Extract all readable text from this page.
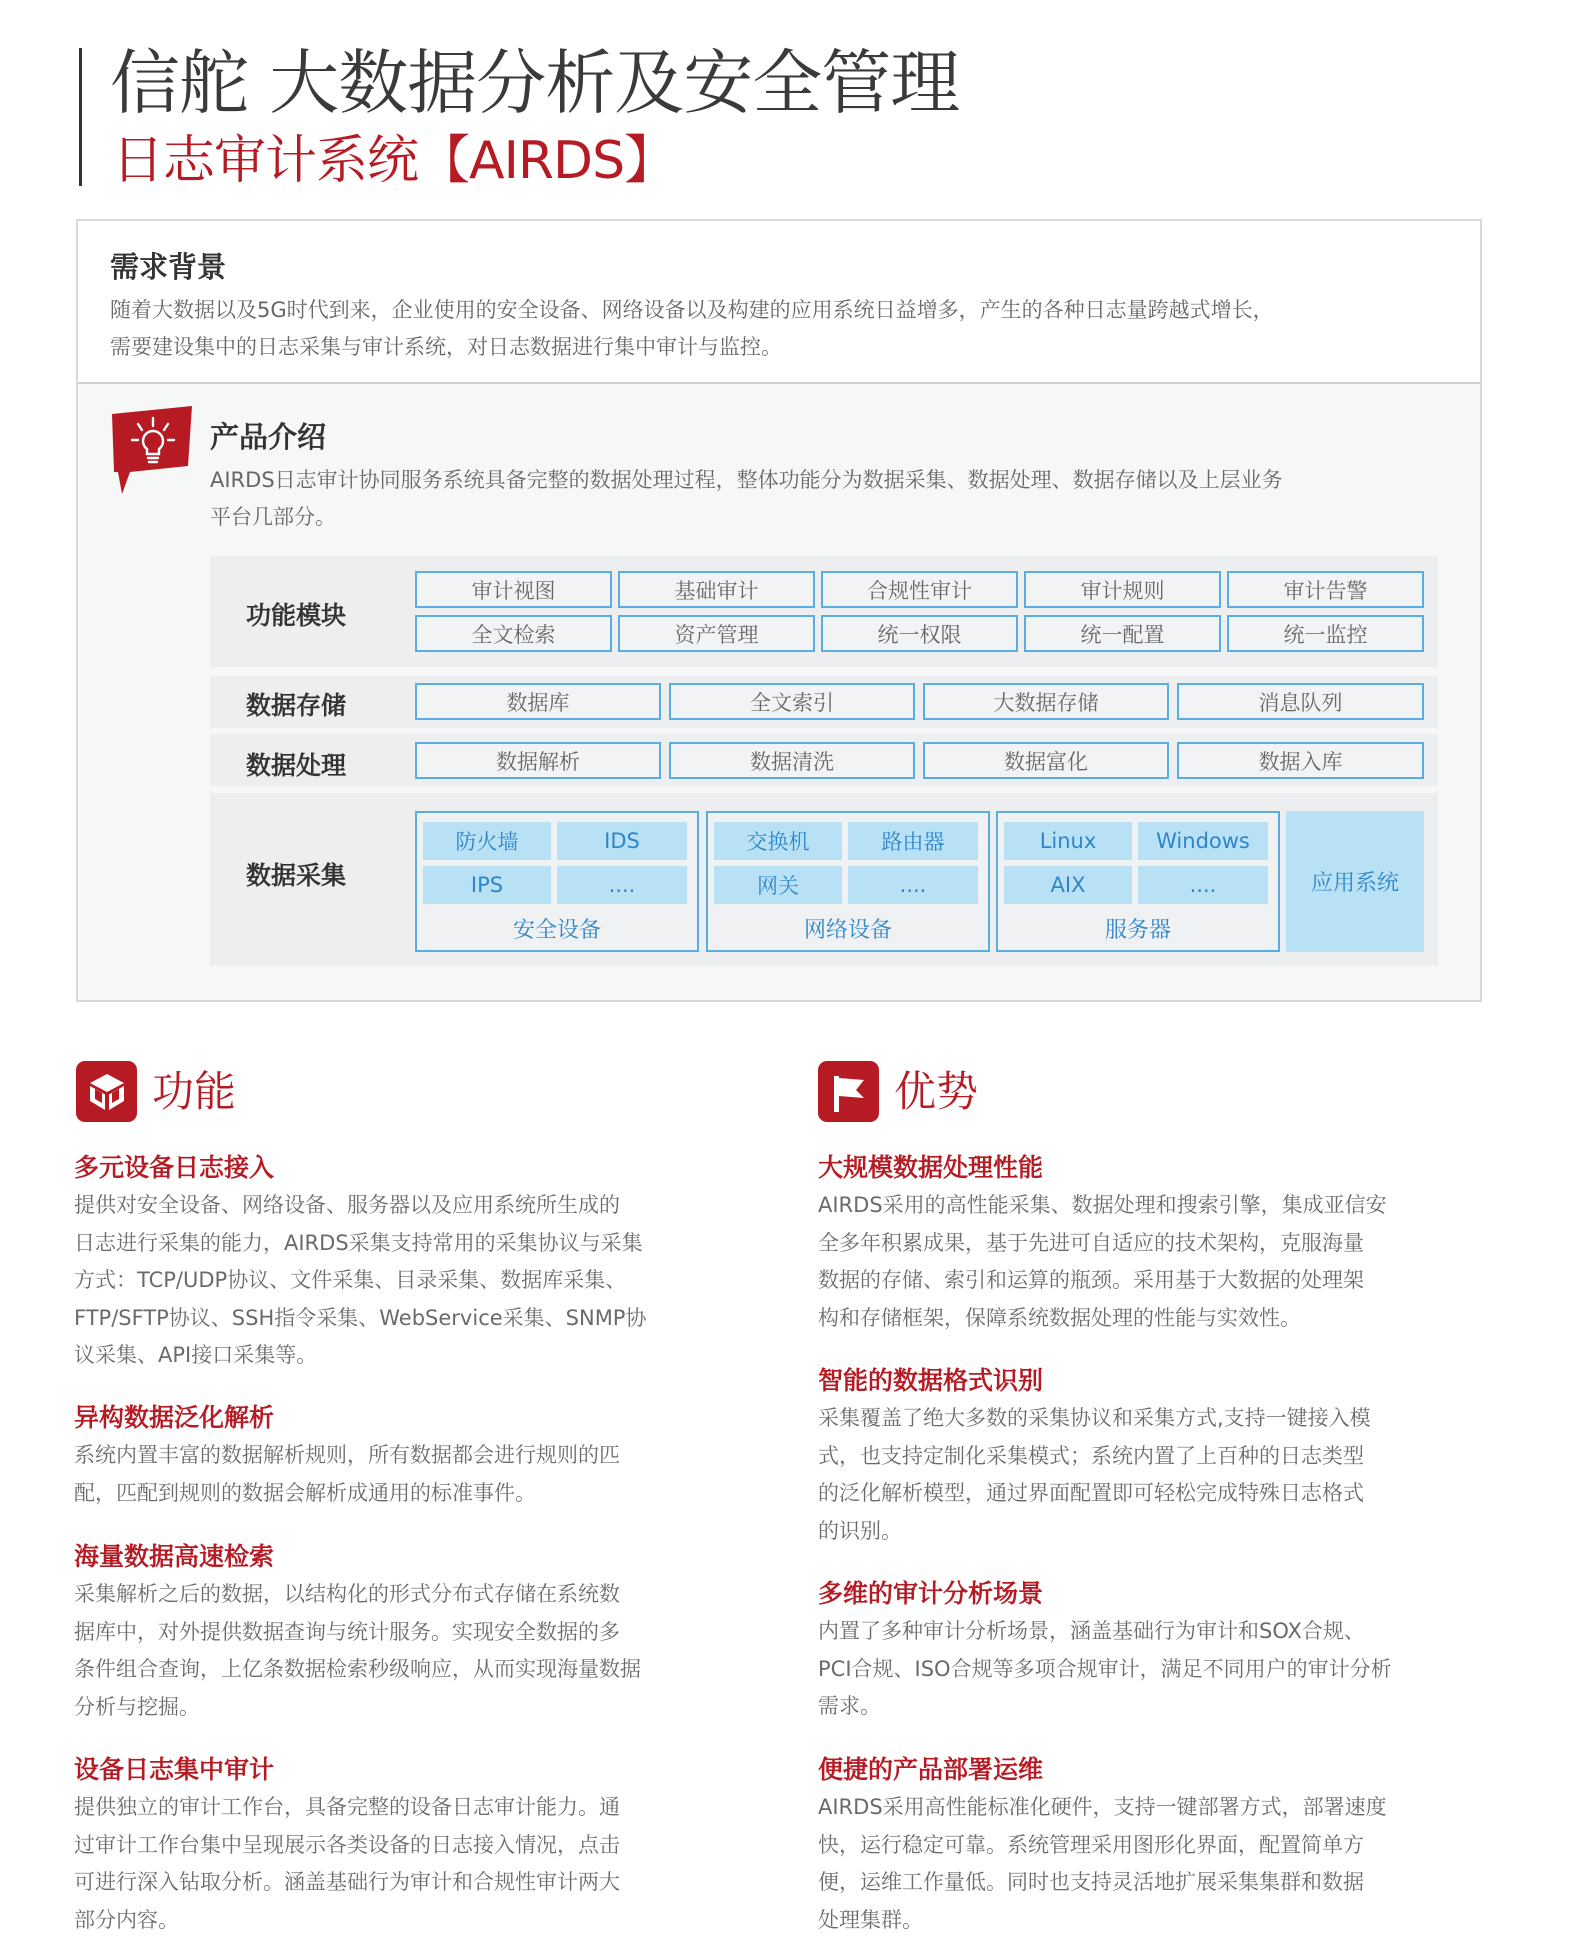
信舵 大数据分析及安全管理
日志审计系统【AIRDS】
需求背景
随着大数据以及5G时代到来，企业使用的安全设备、网络设备以及构建的应用系统日益增多，产生的各种日志量跨越式增长，
需要建设集中的日志采集与审计系统，对日志数据进行集中审计与监控。
产品介绍
AIRDS日志审计协同服务系统具备完整的数据处理过程，整体功能分为数据采集、数据处理、数据存储以及上层业务
平台几部分。
功能模块
审计视图	基础审计	合规性审计	审计规则	审计告警
全文检索	资产管理	统一权限	统一配置	统一监控
数据存储	数据库	全文索引	大数据存储	消息队列
数据处理	数据解析	数据清洗	数据富化	数据入库
数据采集
防火墙	IDS
IPS	....
安全设备
交换机	路由器
网关	....
网络设备
Linux	Windows
AIX	....
服务器
应用系统
功能
多元设备日志接入
提供对安全设备、网络设备、服务器以及应用系统所生成的
日志进行采集的能力，AIRDS采集支持常用的采集协议与采集
方式：TCP/UDP协议、文件采集、目录采集、数据库采集、
FTP/SFTP协议、SSH指令采集、WebService采集、SNMP协
议采集、API接口采集等。
异构数据泛化解析
系统内置丰富的数据解析规则，所有数据都会进行规则的匹
配，匹配到规则的数据会解析成通用的标准事件。
海量数据高速检索
采集解析之后的数据，以结构化的形式分布式存储在系统数
据库中，对外提供数据查询与统计服务。实现安全数据的多
条件组合查询，上亿条数据检索秒级响应，从而实现海量数据
分析与挖掘。
设备日志集中审计
提供独立的审计工作台，具备完整的设备日志审计能力。通
过审计工作台集中呈现展示各类设备的日志接入情况，点击
可进行深入钻取分析。涵盖基础行为审计和合规性审计两大
部分内容。
优势
大规模数据处理性能
AIRDS采用的高性能采集、数据处理和搜索引擎，集成亚信安
全多年积累成果，基于先进可自适应的技术架构，克服海量
数据的存储、索引和运算的瓶颈。采用基于大数据的处理架
构和存储框架，保障系统数据处理的性能与实效性。
智能的数据格式识别
采集覆盖了绝大多数的采集协议和采集方式,支持一键接入模
式，也支持定制化采集模式；系统内置了上百种的日志类型
的泛化解析模型，通过界面配置即可轻松完成特殊日志格式
的识别。
多维的审计分析场景
内置了多种审计分析场景，涵盖基础行为审计和SOX合规、
PCI合规、ISO合规等多项合规审计，满足不同用户的审计分析
需求。
便捷的产品部署运维
AIRDS采用高性能标准化硬件，支持一键部署方式，部署速度
快，运行稳定可靠。系统管理采用图形化界面，配置简单方
便，运维工作量低。同时也支持灵活地扩展采集集群和数据
处理集群。
